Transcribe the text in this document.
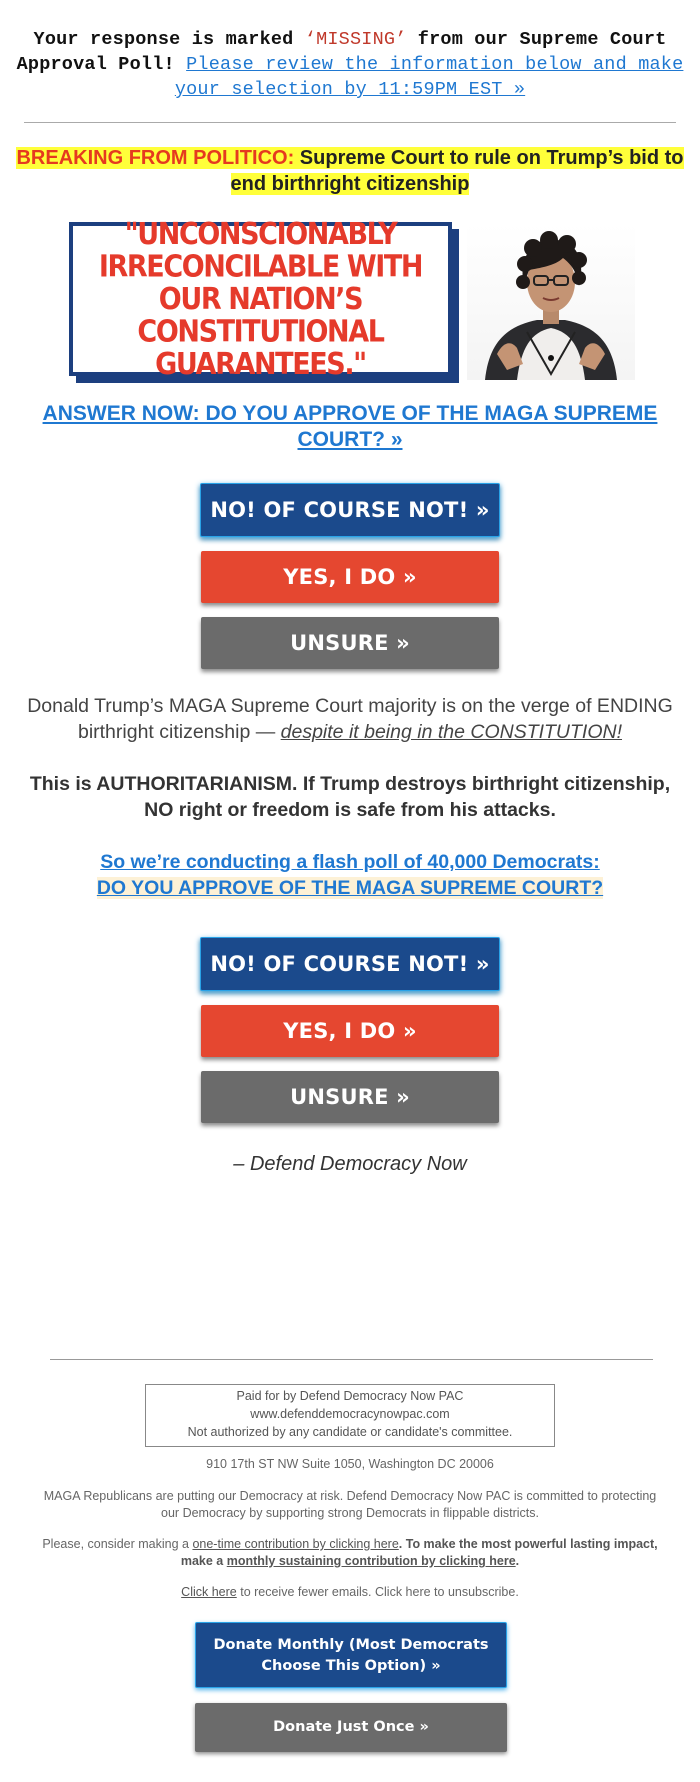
Your response is marked ‘MISSING’ from our Supreme Court Approval Poll! Please review the information below and make your selection by 11:59PM EST »
BREAKING FROM POLITICO: Supreme Court to rule on Trump’s bid to end birthright citizenship
"UNCONSCIONABLY IRRECONCILABLE WITH OUR NATION’S CONSTITUTIONAL GUARANTEES."
ANSWER NOW: DO YOU APPROVE OF THE MAGA SUPREME COURT? »
NO! OF COURSE NOT! »
YES, I DO »
UNSURE »

Donald Trump’s MAGA Supreme Court majority is on the verge of ENDING birthright citizenship — despite it being in the CONSTITUTION!

This is AUTHORITARIANISM. If Trump destroys birthright citizenship, NO right or freedom is safe from his attacks.

So we’re conducting a flash poll of 40,000 Democrats:
DO YOU APPROVE OF THE MAGA SUPREME COURT?
NO! OF COURSE NOT! »
YES, I DO »
UNSURE »
– Defend Democracy Now
Paid for by Defend Democracy Now PAC
www.defenddemocracynowpac.com
Not authorized by any candidate or candidate's committee.
910 17th ST NW Suite 1050, Washington DC 20006
MAGA Republicans are putting our Democracy at risk. Defend Democracy Now PAC is committed to protecting our Democracy by supporting strong Democrats in flippable districts.
Please, consider making a one-time contribution by clicking here. To make the most powerful lasting impact, make a monthly sustaining contribution by clicking here.
Click here to receive fewer emails. Click here to unsubscribe.
Donate Monthly (Most Democrats Choose This Option) »
Donate Just Once »
